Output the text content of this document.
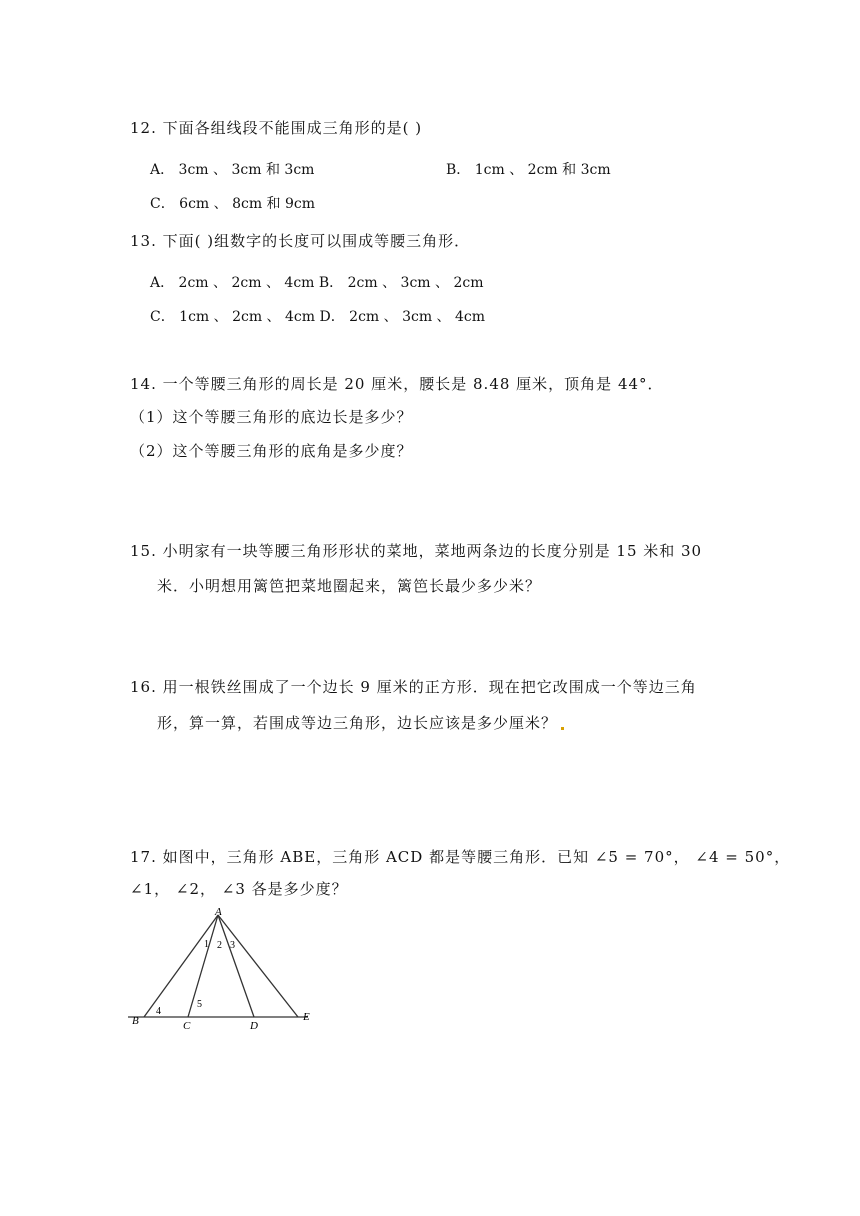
12. 下面各组线段不能围成三角形的是( )
A． 3cm 、 3cm 和 3cm	B． 1cm 、 2cm 和 3cm
C． 6cm 、 8cm 和 9cm
13. 下面( )组数字的长度可以围成等腰三角形．
A． 2cm 、 2cm 、 4cm B． 2cm 、 3cm 、 2cm
C． 1cm 、 2cm 、 4cm D． 2cm 、 3cm 、 4cm
14. 一个等腰三角形的周长是 20 厘米，腰长是 8.48 厘米，顶角是 44°．
（1）这个等腰三角形的底边长是多少？
（2）这个等腰三角形的底角是多少度？
15. 小明家有一块等腰三角形形状的菜地，菜地两条边的长度分别是 15 米和 30
米．小明想用篱笆把菜地圈起来，篱笆长最少多少米？
16. 用一根铁丝围成了一个边长 9 厘米的正方形．现在把它改围成一个等边三角
形，算一算，若围成等边三角形，边长应该是多少厘米？
17. 如图中，三角形 ABE，三角形 ACD 都是等腰三角形．已知 ∠5 = 70°， ∠4 = 50°，
∠1， ∠2， ∠3 各是多少度？
A
B	C	D
E
1 2 3
4
5
